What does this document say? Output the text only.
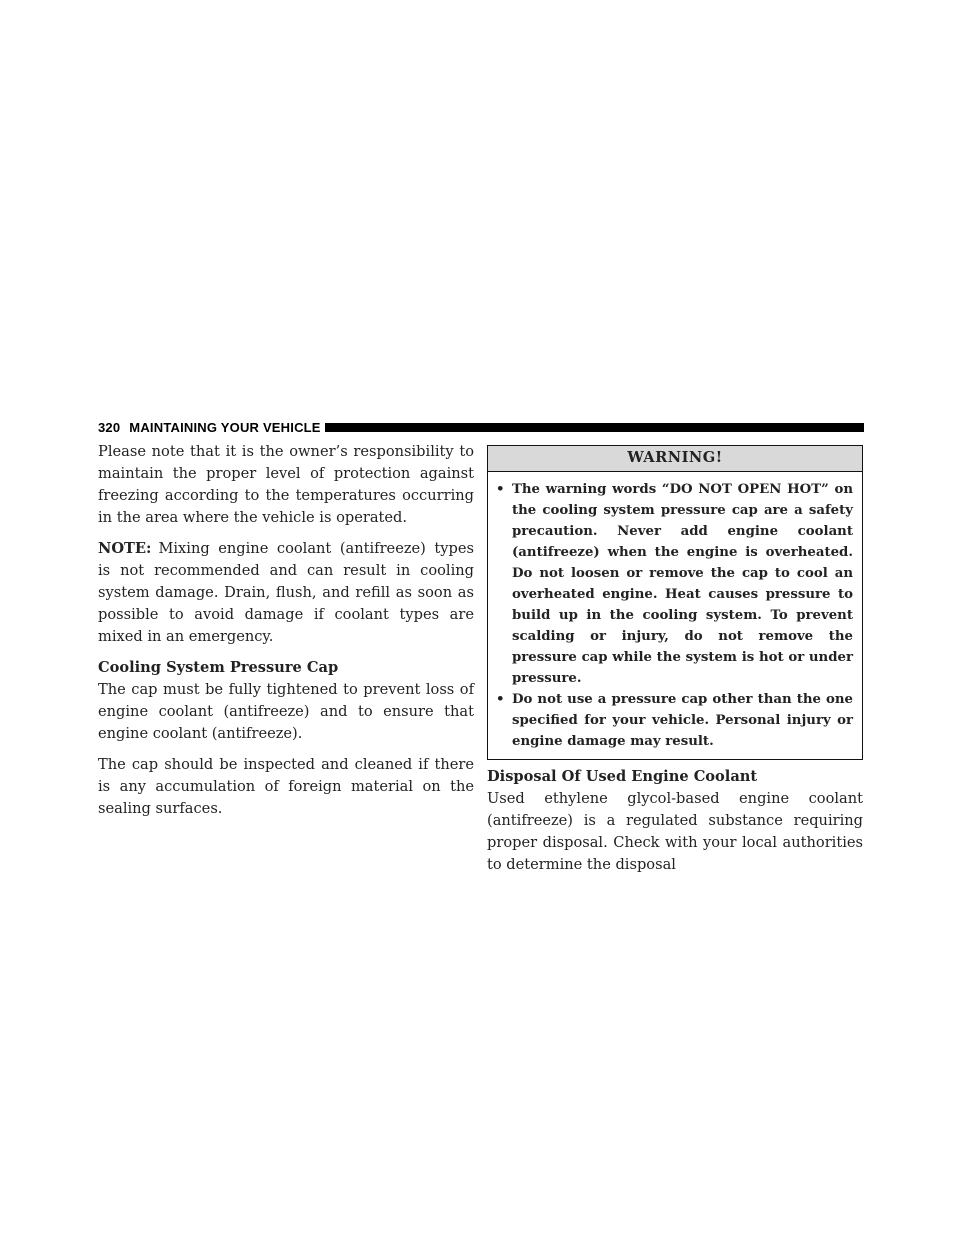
320 MAINTAINING YOUR VEHICLE

Please note that it is the owner’s responsibility to maintain the proper level of protection against freezing according to the temperatures occurring in the area where the vehicle is operated.

NOTE: Mixing engine coolant (antifreeze) types is not recommended and can result in cooling system damage. Drain, flush, and refill as soon as possible to avoid damage if coolant types are mixed in an emergency.

Cooling System Pressure Cap

The cap must be fully tightened to prevent loss of engine coolant (antifreeze) and to ensure that engine coolant (antifreeze).

The cap should be inspected and cleaned if there is any accumulation of foreign material on the sealing surfaces.

WARNING!
• The warning words “DO NOT OPEN HOT” on the cooling system pressure cap are a safety precaution. Never add engine coolant (antifreeze) when the engine is overheated. Do not loosen or remove the cap to cool an overheated engine. Heat causes pressure to build up in the cooling system. To prevent scalding or injury, do not remove the pressure cap while the system is hot or under pressure.
• Do not use a pressure cap other than the one specified for your vehicle. Personal injury or engine damage may result.
Disposal Of Used Engine Coolant

Used ethylene glycol-based engine coolant (antifreeze) is a regulated substance requiring proper disposal. Check with your local authorities to determine the disposal
